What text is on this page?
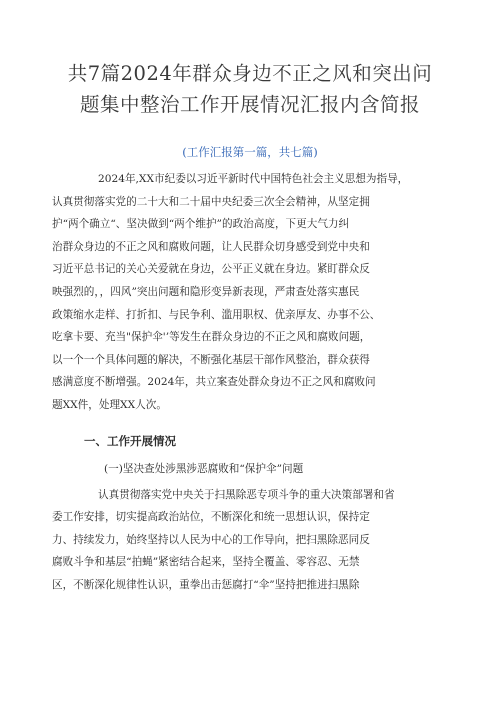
共7篇2024年群众身边不正之风和突出问
题集中整治工作开展情况汇报内含简报
(工作汇报第一篇，共七篇)
2024年,XX市纪委以习近平新时代中国特色社会主义思想为指导，
认真贯彻落实党的二十大和二十届中央纪委三次全会精神，从坚定拥
护“两个确立“、坚决做到“两个维护”的政治高度，下更大气力纠
治群众身边的不正之风和腐败问题，让人民群众切身感受到党中央和
习近平总书记的关心关爱就在身边，公平正义就在身边。紧盯群众反
映强烈的，，四风”突出问题和隐形变异新表现，严肃查处落实惠民
政策缩水走样、打折扣、与民争利、滥用职权、优亲厚友、办事不公、
吃拿卡要、充当"保护伞'’等发生在群众身边的不正之风和腐败问题，
以一个一个具体问题的解决，不断强化基层干部作风整治，群众获得
感满意度不断增强。2024年，共立案查处群众身边不正之风和腐败问
题XX件，处理XX人次。
一、工作开展情况
(一)坚决查处涉黑涉恶腐败和“保护伞”问题
认真贯彻落实党中央关于扫黑除恶专项斗争的重大决策部署和省
委工作安排，切实提高政治站位，不断深化和统一思想认识，保持定
力、持续发力，始终坚持以人民为中心的工作导向，把扫黑除恶同反
腐败斗争和基层“拍蝇”紧密结合起来，坚持全覆盖、零容忍、无禁
区，不断深化规律性认识，重拳出击惩腐打“伞”坚持把推进扫黑除
